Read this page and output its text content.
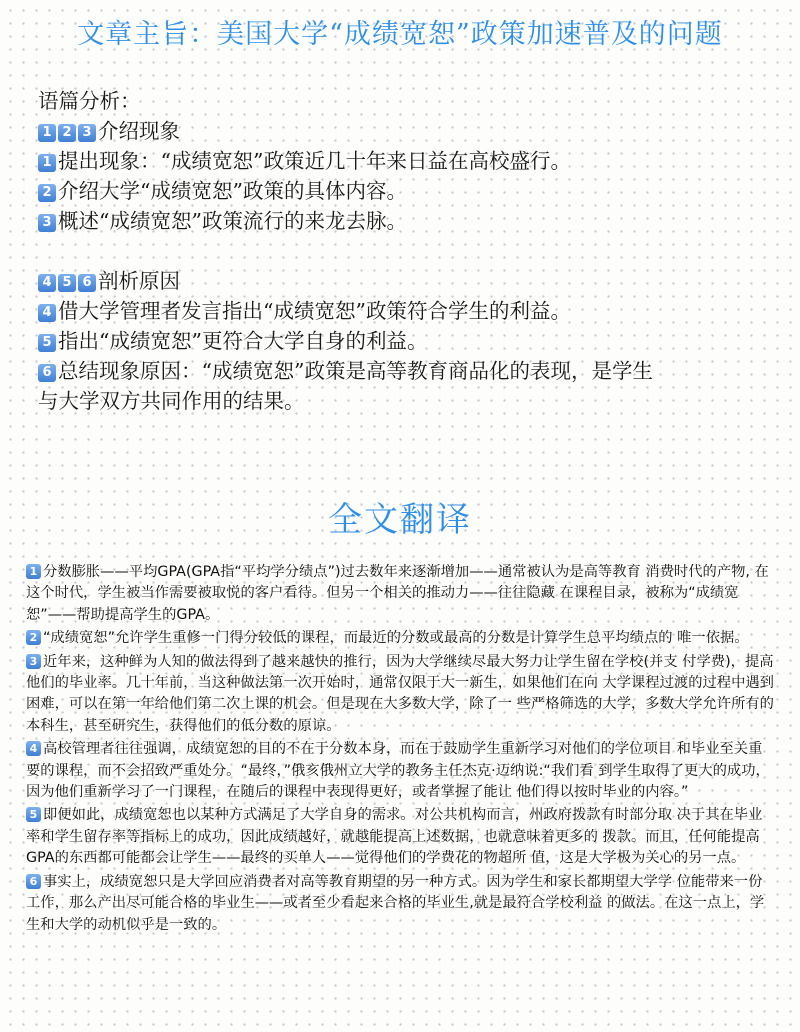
文章主旨：美国大学“成绩宽恕”政策加速普及的问题
语篇分析：
1 2 3 介绍现象
1 提出现象：“成绩宽恕”政策近几十年来日益在高校盛行。
2 介绍大学“成绩宽恕”政策的具体内容。
3 概述“成绩宽恕”政策流行的来龙去脉。
4 5 6 剖析原因
4 借大学管理者发言指出“成绩宽恕”政策符合学生的利益。
5 指出“成绩宽恕”更符合大学自身的利益。
6 总结现象原因：“成绩宽恕”政策是高等教育商品化的表现，是学生
与大学双方共同作用的结果。
全文翻译

1 分数膨胀——平均GPA(GPA指“平均学分绩点”)过去数年来逐渐增加——通常被认为是高等教育 消费时代的产物, 在这个时代，学生被当作需要被取悦的客户看待。但另一个相关的推动力——往往隐藏 在课程目录，被称为“成绩宽恕”——帮助提高学生的GPA。

2 “成绩宽恕”允许学生重修一门得分较低的课程，而最近的分数或最高的分数是计算学生总平均绩点的 唯一依据。

3 近年来，这种鲜为人知的做法得到了越来越快的推行，因为大学继续尽最大努力让学生留在学校(并支 付学费)，提高他们的毕业率。几十年前，当这种做法第一次开始时，通常仅限于大一新生，如果他们在向 大学课程过渡的过程中遇到困难，可以在第一年给他们第二次上课的机会。但是现在大多数大学，除了一 些严格筛选的大学，多数大学允许所有的本科生，甚至研究生，获得他们的低分数的原谅。

4 高校管理者往往强调，成绩宽恕的目的不在于分数本身，而在于鼓励学生重新学习对他们的学位项目 和毕业至关重要的课程，而不会招致严重处分。“最终，”俄亥俄州立大学的教务主任杰克·迈纳说:“我们看 到学生取得了更大的成功，因为他们重新学习了一门课程，在随后的课程中表现得更好，或者掌握了能让 他们得以按时毕业的内容。”

5 即便如此，成绩宽恕也以某种方式满足了大学自身的需求。对公共机构而言，州政府拨款有时部分取 决于其在毕业率和学生留存率等指标上的成功，因此成绩越好，就越能提高上述数据，也就意味着更多的 拨款。而且，任何能提高GPA的东西都可能都会让学生——最终的买单人——觉得他们的学费花的物超所 值，这是大学极为关心的另一点。

6 事实上，成绩宽恕只是大学回应消费者对高等教育期望的另一种方式。因为学生和家长都期望大学学 位能带来一份工作，那么产出尽可能合格的毕业生——或者至少看起来合格的毕业生,就是最符合学校利益 的做法。在这一点上，学生和大学的动机似乎是一致的。
